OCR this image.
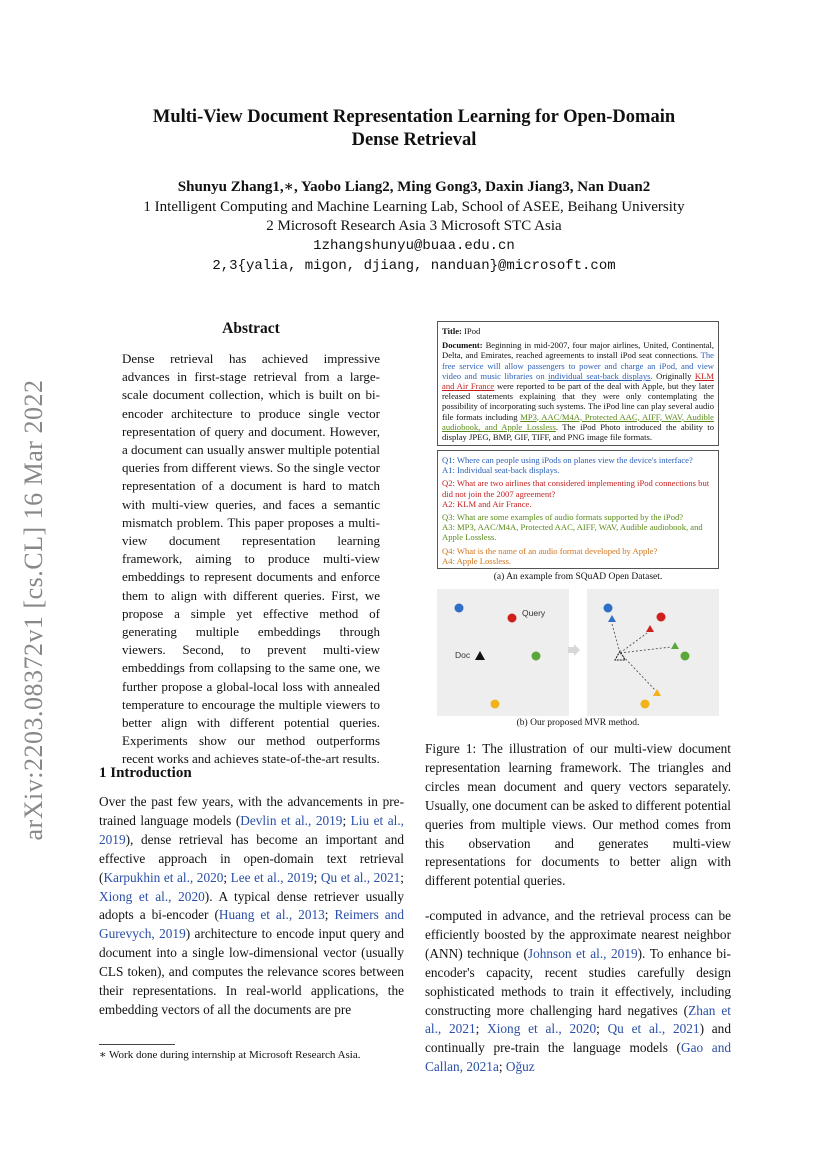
arXiv:2203.08372v1 [cs.CL] 16 Mar 2022
Multi-View Document Representation Learning for Open-Domain
Dense Retrieval
Shunyu Zhang1,∗, Yaobo Liang2, Ming Gong3, Daxin Jiang3, Nan Duan2
1 Intelligent Computing and Machine Learning Lab, School of ASEE, Beihang University
2 Microsoft Research Asia 3 Microsoft STC Asia
1zhangshunyu@buaa.edu.cn
2,3{yalia, migon, djiang, nanduan}@microsoft.com
Abstract

Dense retrieval has achieved impressive advances in first-stage retrieval from a large-scale document collection, which is built on bi-encoder architecture to produce single vector representation of query and document. However, a document can usually answer multiple potential queries from different views. So the single vector representation of a document is hard to match with multi-view queries, and faces a semantic mismatch problem. This paper proposes a multi-view document representation learning framework, aiming to produce multi-view embeddings to represent documents and enforce them to align with different queries. First, we propose a simple yet effective method of generating multiple embeddings through viewers. Second, to prevent multi-view embeddings from collapsing to the same one, we further propose a global-local loss with annealed temperature to encourage the multiple viewers to better align with different potential queries. Experiments show our method outperforms recent works and achieves state-of-the-art results.

1 Introduction
Over the past few years, with the advancements in pre-trained language models (Devlin et al., 2019; Liu et al., 2019), dense retrieval has become an important and effective approach in open-domain text retrieval (Karpukhin et al., 2020; Lee et al., 2019; Qu et al., 2021; Xiong et al., 2020). A typical dense retriever usually adopts a bi-encoder (Huang et al., 2013; Reimers and Gurevych, 2019) architecture to encode input query and document into a single low-dimensional vector (usually CLS token), and computes the relevance scores between their representations. In real-world applications, the embedding vectors of all the documents are pre
∗ Work done during internship at Microsoft Research Asia.
Title: IPod
Document: Beginning in mid-2007, four major airlines, United, Continental, Delta, and Emirates, reached agreements to install iPod seat connections. The free service will allow passengers to power and charge an iPod, and view video and music libraries on individual seat-back displays. Originally KLM and Air France were reported to be part of the deal with Apple, but they later released statements explaining that they were only contemplating the possibility of incorporating such systems. The iPod line can play several audio file formats including MP3, AAC/M4A, Protected AAC, AIFF, WAV, Audible audiobook, and Apple Lossless. The iPod Photo introduced the ability to display JPEG, BMP, GIF, TIFF, and PNG image file formats.
Q1: Where can people using iPods on planes view the device's interface?
A1: Individual seat-back displays.
Q2: What are two airlines that considered implementing iPod connections but did not join the 2007 agreement?
A2: KLM and Air France.
Q3: What are some examples of audio formats supported by the iPod?
A3: MP3, AAC/M4A, Protected AAC, AIFF, WAV, Audible audiobook, and Apple Lossless.
Q4: What is the name of an audio format developed by Apple?
A4: Apple Lossless.
(a) An example from SQuAD Open Dataset.
Query
Doc
(b) Our proposed MVR method.
Figure 1: The illustration of our multi-view document representation learning framework. The triangles and circles mean document and query vectors separately. Usually, one document can be asked to different potential queries from multiple views. Our method comes from this observation and generates multi-view representations for documents to better align with different potential queries.
-computed in advance, and the retrieval process can be efficiently boosted by the approximate nearest neighbor (ANN) technique (Johnson et al., 2019). To enhance bi-encoder's capacity, recent studies carefully design sophisticated methods to train it effectively, including constructing more challenging hard negatives (Zhan et al., 2021; Xiong et al., 2020; Qu et al., 2021) and continually pre-train the language models (Gao and Callan, 2021a; Oğuz
